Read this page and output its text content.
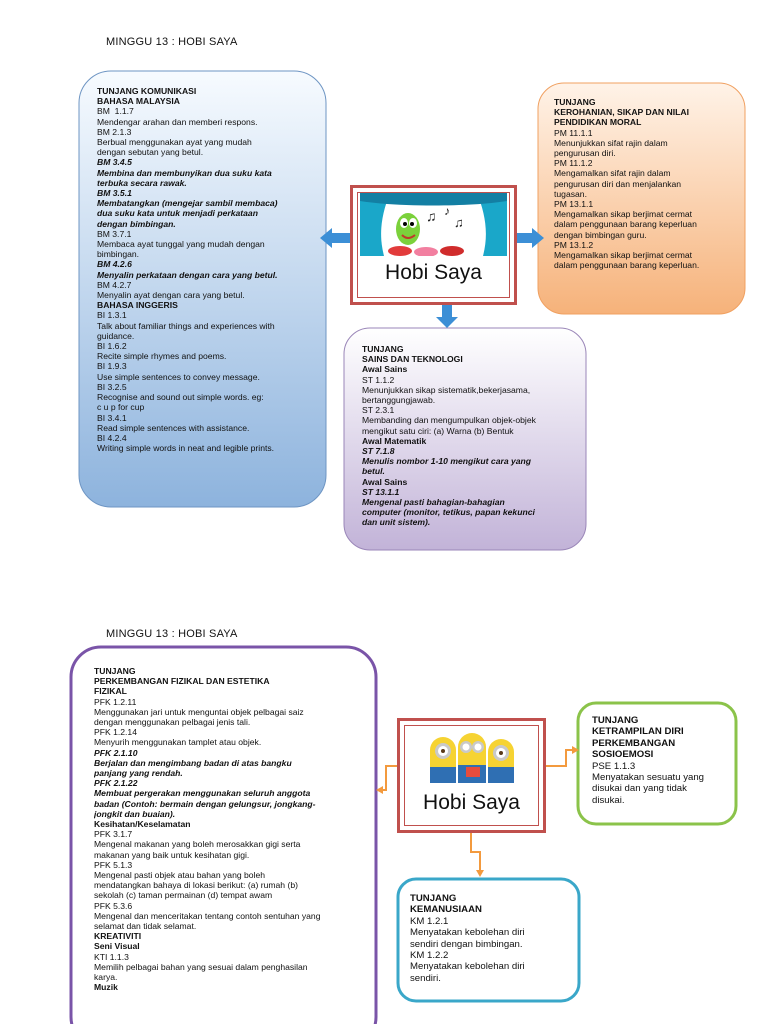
MINGGU 13 : HOBI SAYA
TUNJANG KOMUNIKASI
BAHASA MALAYSIA
BM  1.1.7
Mendengar arahan dan memberi respons.
BM 2.1.3
Berbual menggunakan ayat yang mudah
dengan sebutan yang betul.
BM 3.4.5
Membina dan membunyikan dua suku kata
terbuka secara rawak.
BM 3.5.1
Membatangkan (mengejar sambil membaca)
dua suku kata untuk menjadi perkataan
dengan bimbingan.
BM 3.7.1
Membaca ayat tunggal yang mudah dengan
bimbingan.
BM 4.2.6
Menyalin perkataan dengan cara yang betul.
BM 4.2.7
Menyalin ayat dengan cara yang betul.
BAHASA INGGERIS
BI 1.3.1
Talk about familiar things and experiences with
guidance.
BI 1.6.2
Recite simple rhymes and poems.
BI 1.9.3
Use simple sentences to convey message.
BI 3.2.5
Recognise and sound out simple words. eg:
c u p for cup
BI 3.4.1
Read simple sentences with assistance.
BI 4.2.4
Writing simple words in neat and legible prints.
TUNJANG
KEROHANIAN, SIKAP DAN NILAI
PENDIDIKAN MORAL
PM 11.1.1
Menunjukkan sifat rajin dalam
pengurusan diri.
PM 11.1.2
Mengamalkan sifat rajin dalam
pengurusan diri dan menjalankan
tugasan.
PM 13.1.1
Mengamalkan sikap berjimat cermat
dalam penggunaan barang keperluan
dengan bimbingan guru.
PM 13.1.2
Mengamalkan sikap berjimat cermat
dalam penggunaan barang keperluan.
TUNJANG
SAINS DAN TEKNOLOGI
Awal Sains
ST 1.1.2
Menunjukkan sikap sistematik,bekerjasama,
bertanggungjawab.
ST 2.3.1
Membanding dan mengumpulkan objek-objek
mengikut satu ciri: (a) Warna (b) Bentuk
Awal Matematik
ST 7.1.8
Menulis nombor 1-10 mengikut cara yang
betul.
Awal Sains
ST 13.1.1
Mengenal pasti bahagian-bahagian
computer (monitor, tetikus, papan kekunci
dan unit sistem).
♫ ♪
♫
Hobi Saya
MINGGU 13 : HOBI SAYA
TUNJANG
PERKEMBANGAN FIZIKAL DAN ESTETIKA
FIZIKAL
PFK 1.2.11
Menggunakan jari untuk menguntai objek pelbagai saiz
dengan menggunakan pelbagai jenis tali.
PFK 1.2.14
Menyurih menggunakan tamplet atau objek.
PFK 2.1.10
Berjalan dan mengimbang badan di atas bangku
panjang yang rendah.
PFK 2.1.22
Membuat pergerakan menggunakan seluruh anggota
badan (Contoh: bermain dengan gelungsur, jongkang-
jongkit dan buaian).
Kesihatan/Keselamatan
PFK 3.1.7
Mengenal makanan yang boleh merosakkan gigi serta
makanan yang baik untuk kesihatan gigi.
PFK 5.1.3
Mengenal pasti objek atau bahan yang boleh
mendatangkan bahaya di lokasi berikut: (a) rumah (b)
sekolah (c) taman permainan (d) tempat awam
PFK 5.3.6
Mengenal dan menceritakan tentang contoh sentuhan yang
selamat dan tidak selamat.
KREATIVITI
Seni Visual
KTI 1.1.3
Memilih pelbagai bahan yang sesuai dalam penghasilan
karya.
Muzik
TUNJANG
KETRAMPILAN DIRI
PERKEMBANGAN
SOSIOEMOSI
PSE 1.1.3
Menyatakan sesuatu yang
disukai dan yang tidak
disukai.
TUNJANG
KEMANUSIAAN
KM 1.2.1
Menyatakan kebolehan diri
sendiri dengan bimbingan.
KM 1.2.2
Menyatakan kebolehan diri
sendiri.
Hobi Saya
